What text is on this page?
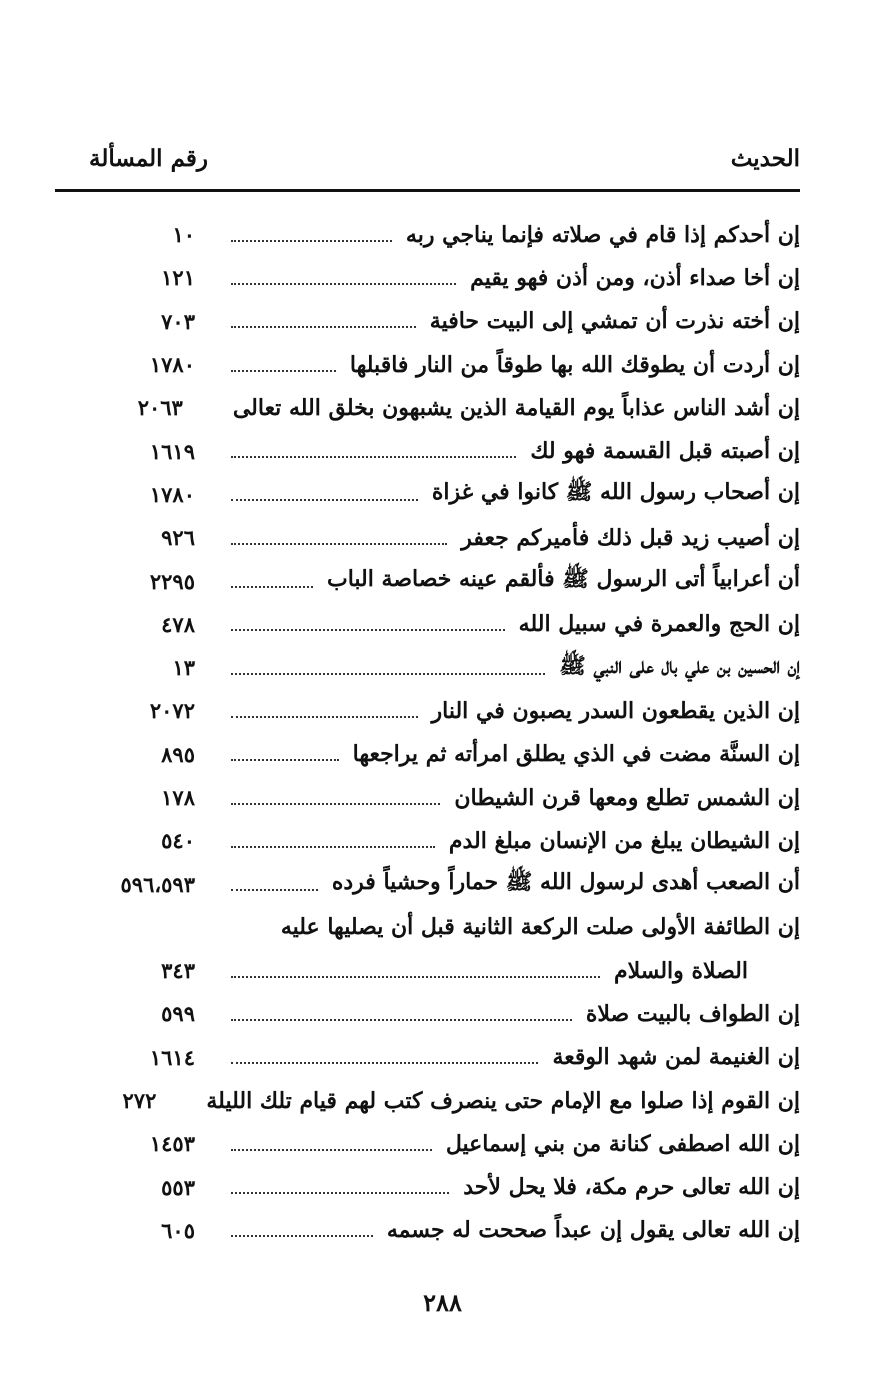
الحديث
رقم المسألة
إن أحدكم إذا قام في صلاته فإنما يناجي ربه
١٠
إن أخا صداء أذن، ومن أذن فهو يقيم
١٢١
إن أخته نذرت أن تمشي إلى البيت حافية
٧٠٣
إن أردت أن يطوقك الله بها طوقاً من النار فاقبلها
١٧٨٠
إن أشد الناس عذاباً يوم القيامة الذين يشبهون بخلق الله تعالى
٢٠٦٣
إن أصبته قبل القسمة فهو لك
١٦١٩
إن أصحاب رسول الله ﷺ كانوا في غزاة
١٧٨٠
إن أصيب زيد قبل ذلك فأميركم جعفر
٩٢٦
أن أعرابياً أتى الرسول ﷺ فألقم عينه خصاصة الباب
٢٢٩٥
إن الحج والعمرة في سبيل الله
٤٧٨
إن الحسين بن علي بال على النبي ﷺ
١٣
إن الذين يقطعون السدر يصبون في النار
٢٠٧٢
إن السنَّة مضت في الذي يطلق امرأته ثم يراجعها
٨٩٥
إن الشمس تطلع ومعها قرن الشيطان
١٧٨
إن الشيطان يبلغ من الإنسان مبلغ الدم
٥٤٠
أن الصعب أهدى لرسول الله ﷺ حماراً وحشياً فرده
٥٩٦،٥٩٣
إن الطائفة الأولى صلت الركعة الثانية قبل أن يصليها عليه
الصلاة والسلام
٣٤٣
إن الطواف بالبيت صلاة
٥٩٩
إن الغنيمة لمن شهد الوقعة
١٦١٤
إن القوم إذا صلوا مع الإمام حتى ينصرف كتب لهم قيام تلك الليلة
٢٧٢
إن الله اصطفى كنانة من بني إسماعيل
١٤٥٣
إن الله تعالى حرم مكة، فلا يحل لأحد
٥٥٣
إن الله تعالى يقول إن عبداً صححت له جسمه
٦٠٥
٢٨٨
